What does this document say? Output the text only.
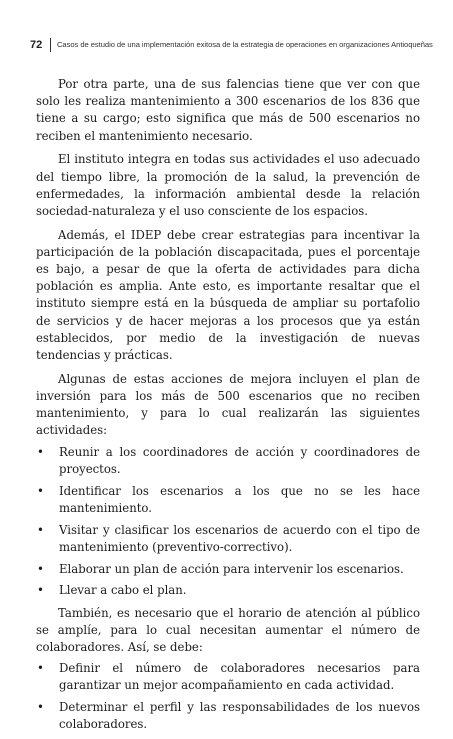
72 Casos de estudio de una implementación exitosa de la estrategia de operaciones en organizaciones Antioqueñas

Por otra parte, una de sus falencias tiene que ver con que solo les realiza mantenimiento a 300 escenarios de los 836 que tiene a su cargo; esto significa que más de 500 escenarios no reciben el mantenimiento necesario.

El instituto integra en todas sus actividades el uso adecuado del tiempo libre, la promoción de la salud, la prevención de enfermedades, la información ambiental desde la relación sociedad-naturaleza y el uso consciente de los espacios.

Además, el IDEP debe crear estrategias para incentivar la participación de la población discapacitada, pues el porcentaje es bajo, a pesar de que la oferta de actividades para dicha población es amplia. Ante esto, es importante resaltar que el instituto siempre está en la búsqueda de ampliar su portafolio de servicios y de hacer mejoras a los procesos que ya están establecidos, por medio de la investigación de nuevas tendencias y prácticas.

Algunas de estas acciones de mejora incluyen el plan de inversión para los más de 500 escenarios que no reciben mantenimiento, y para lo cual realizarán las siguientes actividades:

• Reunir a los coordinadores de acción y coordinadores de proyectos.
• Identificar los escenarios a los que no se les hace mantenimiento.
• Visitar y clasificar los escenarios de acuerdo con el tipo de mantenimiento (preventivo-correctivo).
• Elaborar un plan de acción para intervenir los escenarios.
• Llevar a cabo el plan.

También, es necesario que el horario de atención al público se amplíe, para lo cual necesitan aumentar el número de colaboradores. Así, se debe:

• Definir el número de colaboradores necesarios para garantizar un mejor acompañamiento en cada actividad.
• Determinar el perfil y las responsabilidades de los nuevos colaboradores.
